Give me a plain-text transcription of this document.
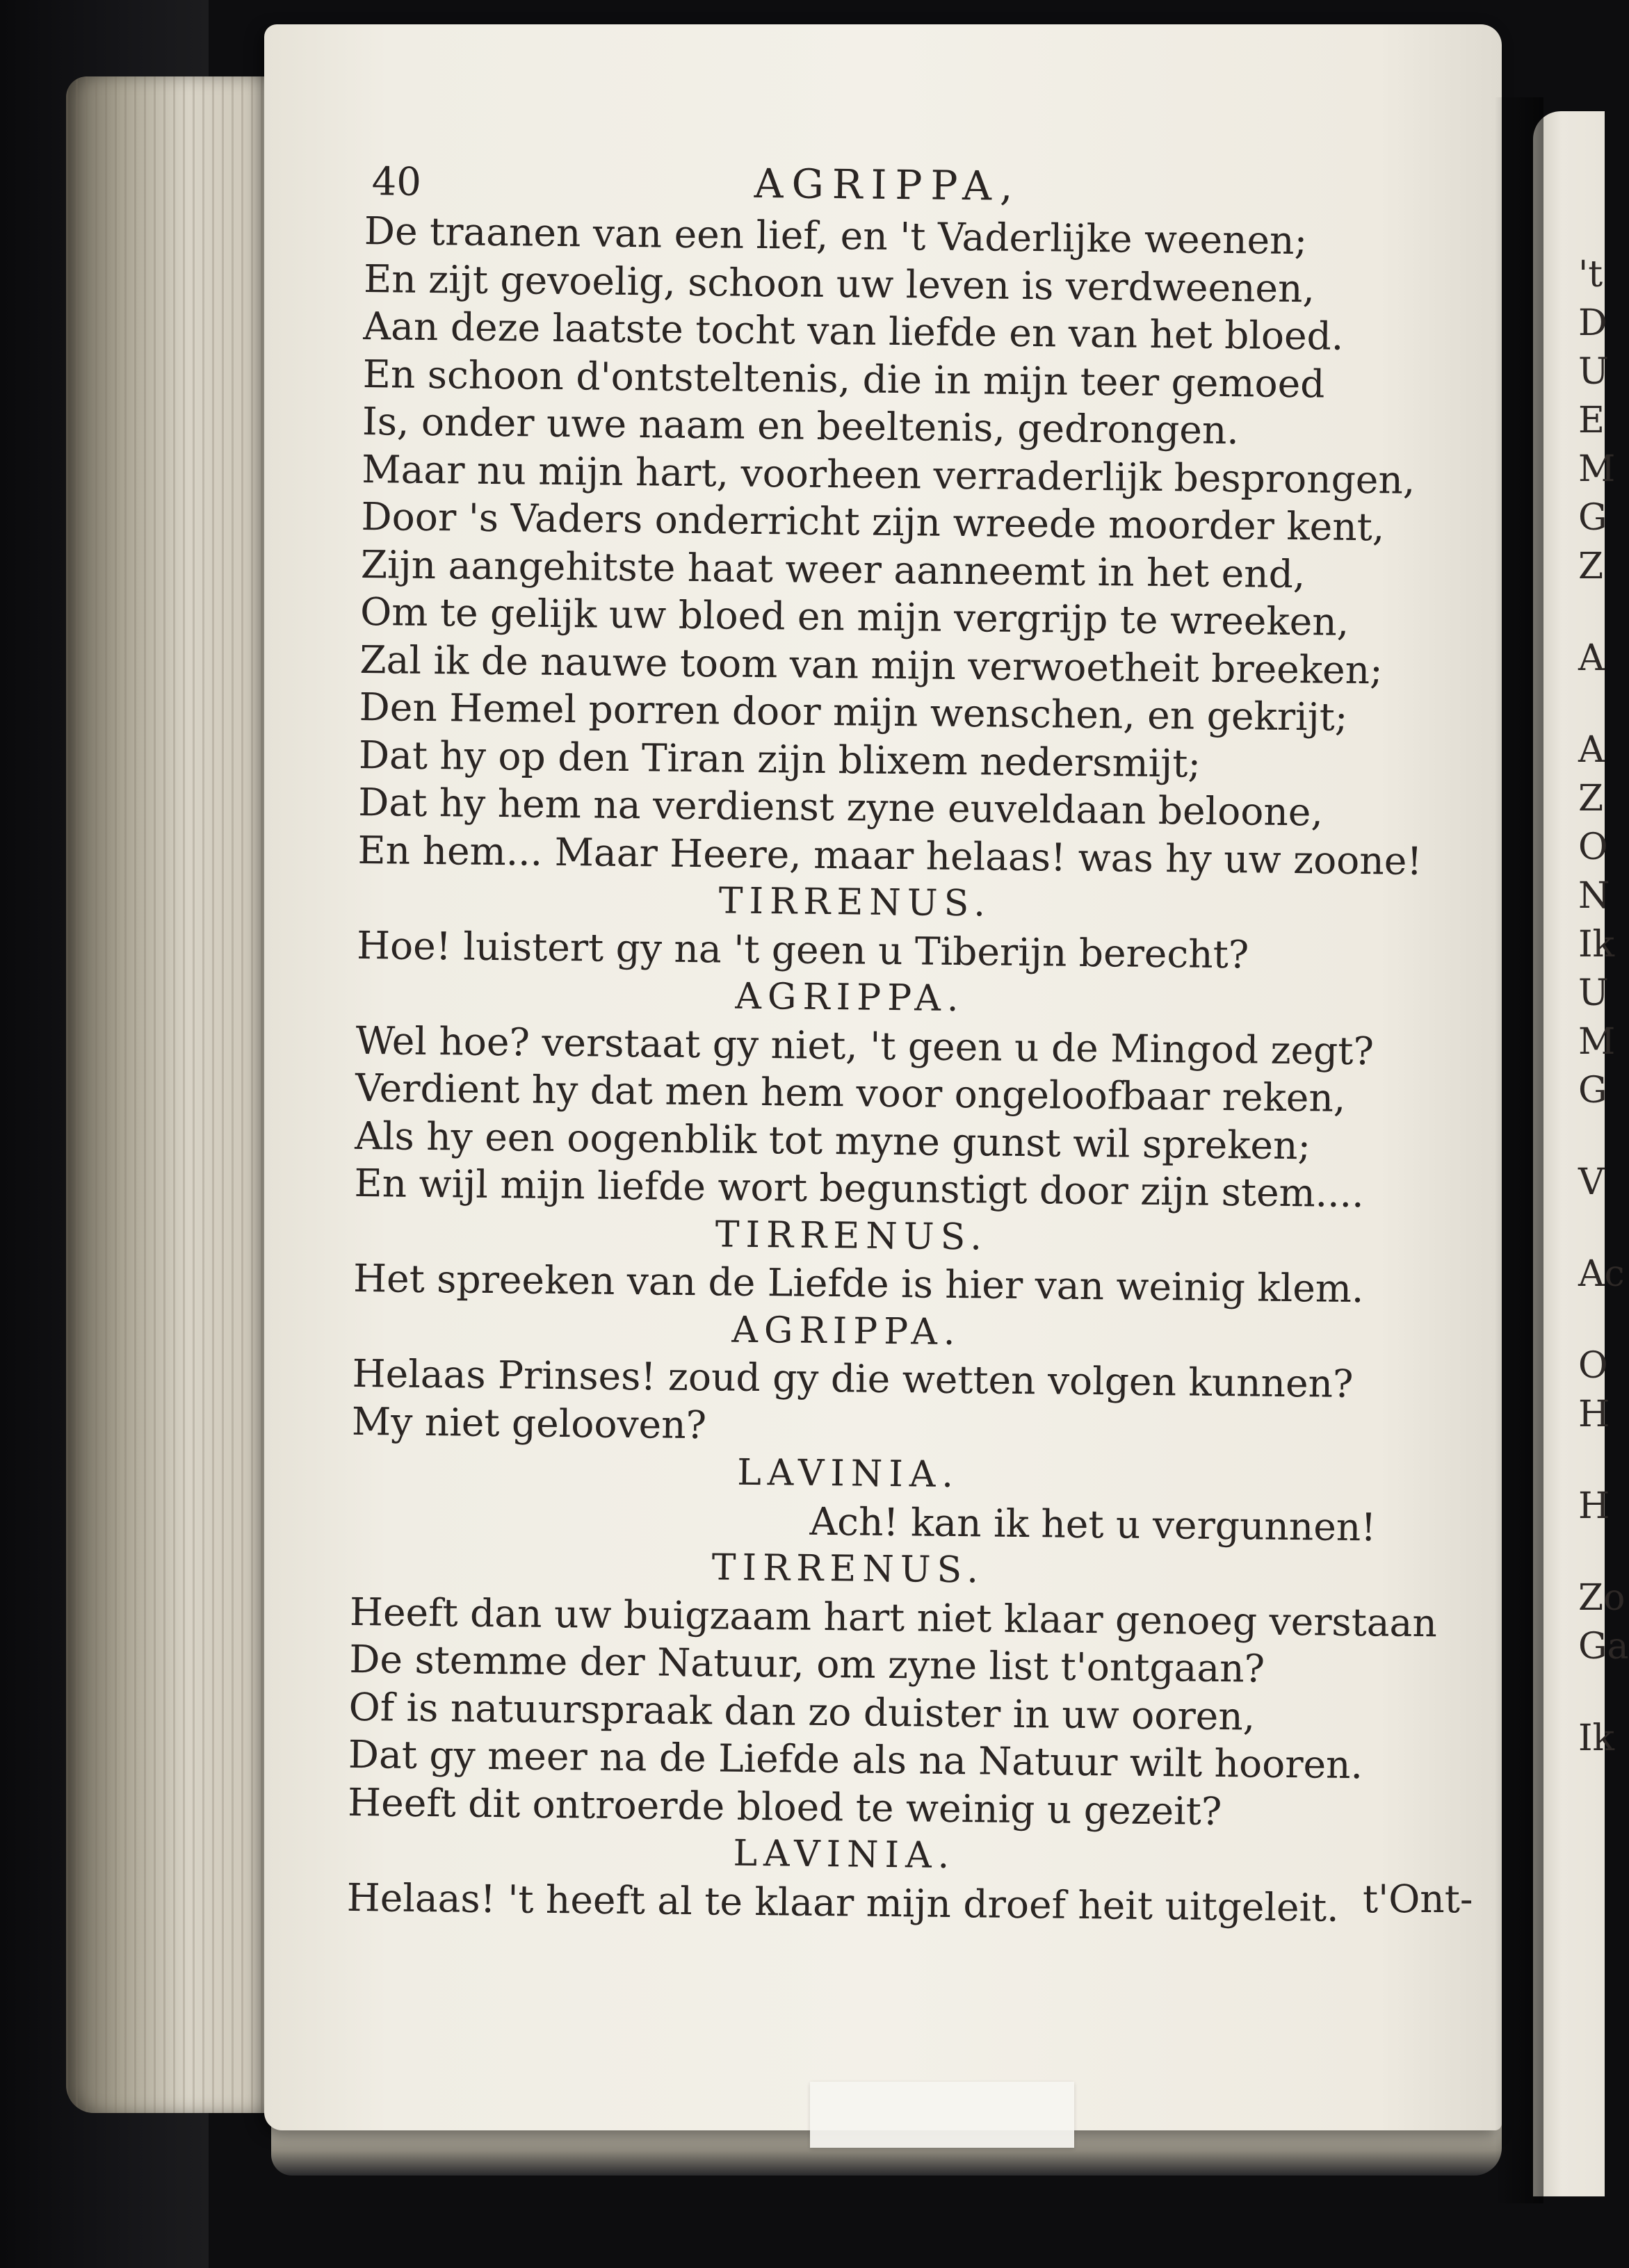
40	AGRIPPA,
De traanen van een lief, en 't Vaderlijke weenen;
En zijt gevoelig, schoon uw leven is verdweenen,
Aan deze laatste tocht van liefde en van het bloed.
En schoon d'ontsteltenis, die in mijn teer gemoed
Is, onder uwe naam en beeltenis, gedrongen.
Maar nu mijn hart, voorheen verraderlijk besprongen,
Door 's Vaders onderricht zijn wreede moorder kent,
Zijn aangehitste haat weer aanneemt in het end,
Om te gelijk uw bloed en mijn vergrijp te wreeken,
Zal ik de nauwe toom van mijn verwoetheit breeken;
Den Hemel porren door mijn wenschen, en gekrijt;
Dat hy op den Tiran zijn blixem nedersmijt;
Dat hy hem na verdienst zyne euveldaan beloone,
En hem... Maar Heere, maar helaas! was hy uw zoone!
TIRRENUS.
Hoe! luistert gy na 't geen u Tiberijn berecht?
AGRIPPA.
Wel hoe? verstaat gy niet, 't geen u de Mingod zegt?
Verdient hy dat men hem voor ongeloofbaar reken,
Als hy een oogenblik tot myne gunst wil spreken;
En wijl mijn liefde wort begunstigt door zijn stem....
TIRRENUS.
Het spreeken van de Liefde is hier van weinig klem.
AGRIPPA.
Helaas Prinses! zoud gy die wetten volgen kunnen?
My niet gelooven?
LAVINIA.
Ach! kan ik het u vergunnen!
TIRRENUS.
Heeft dan uw buigzaam hart niet klaar genoeg verstaan
De stemme der Natuur, om zyne list t'ontgaan?
Of is natuurspraak dan zo duister in uw ooren,
Dat gy meer na de Liefde als na Natuur wilt hooren.
Heeft dit ontroerde bloed te weinig u gezeit?
LAVINIA.
Helaas! 't heeft al te klaar mijn droef heit uitgeleit. t'Ont-
't
D
U
E
M
G
Z
A
A
Z
O
N
Ik
U
M
G
V
Ac
O
H
H
Zo
Ga
Ik
